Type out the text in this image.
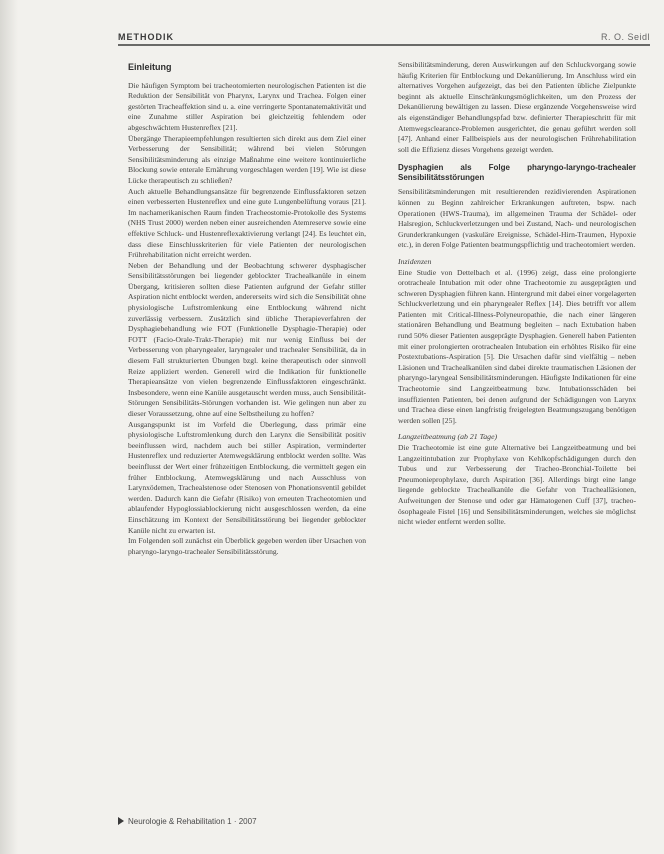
METHODIK	R. O. Seidl
Einleitung

Die häufigen Symptom bei tracheotomierten neurologischen Patienten ist die Reduktion der Sensibilität von Pharynx, Larynx und Trachea. Folgen einer gestörten Tracheaffektion sind u. a. eine verringerte Spontanatemaktivität und eine Zunahme stiller Aspiration bei gleichzeitig fehlendem oder abgeschwächtem Hustenreflex [21].

Übergänge Therapieempfehlungen resultierten sich direkt aus dem Ziel einer Verbesserung der Sensibilität; während bei vielen Störungen Sensibilitätsminderung als einzige Maßnahme eine weitere kontinuierliche Blockung sowie enterale Ernährung vorgeschlagen werden [19]. Wie ist diese Lücke therapeutisch zu schließen?

Auch aktuelle Behandlungsansätze für begrenzende Einflussfaktoren setzen einen verbesserten Hustenreflex und eine gute Lungenbelüftung voraus [21]. Im nachamerikanischen Raum finden Tracheostomie-Protokolle des Systems (NHS Trust 2000) werden neben einer ausreichenden Atemreserve sowie eine effektive Schluck- und Hustenreflexaktivierung verlangt [24]. Es leuchtet ein, dass diese Einschlusskriterien für viele Patienten der neurologischen Frührehabilitation nicht erreicht werden.

Neben der Behandlung und der Beobachtung schwerer dysphagischer Sensibilitätsstörungen bei liegender geblockter Trachealkanüle in einem Übergang, kritisieren sollten diese Patienten aufgrund der Gefahr stiller Aspiration nicht entblockt werden, andererseits wird sich die Sensibilität ohne physiologische Luftstromlenkung eine Entblockung während nicht zuverlässig verbessern. Zusätzlich sind übliche Therapieverfahren der Dysphagiebehandlung wie FOT (Funktionelle Dysphagie-Therapie) oder FOTT (Facio-Orale-Trakt-Therapie) mit nur wenig Einfluss bei der Verbesserung von pharyngealer, laryngealer und trachealer Sensibilität, da in diesem Fall strukturierten Übungen bzgl. keine therapeutisch oder sinnvoll Reize appliziert werden. Generell wird die Indikation für funktionelle Therapieansätze von vielen begrenzende Einflussfaktoren eingeschränkt. Insbesondere, wenn eine Kanüle ausgetauscht werden muss, auch Sensibilität-Störungen Sensibilitäts-Störungen vorhanden ist. Wie gelingen nun aber zu dieser Voraussetzung, ohne auf eine Selbstheilung zu hoffen?

Ausgangspunkt ist im Vorfeld die Überlegung, dass primär eine physiologische Luftstromlenkung durch den Larynx die Sensibilität positiv beeinflussen wird, nachdem auch bei stiller Aspiration, verminderter Hustenreflex und reduzierter Atemwegsklärung entblockt werden sollte. Was beeinflusst der Wert einer frühzeitigen Entblockung, die vermittelt gegen ein früher Entblockung, Atemwegsklärung und nach Ausschluss von Larynxödemen, Trachealstenose oder Stenosen von Phonationsventil gebildet werden. Dadurch kann die Gefahr (Risiko) von erneuten Tracheotomien und ablaufender Hypoglossiablockierung nicht ausgeschlossen werden, da eine Einschätzung im Kontext der Sensibilitätsstörung bei liegender geblockter Kanüle nicht zu erwarten ist.

Im Folgenden soll zunächst ein Überblick gegeben werden über Ursachen von pharyngo-laryngo-trachealer Sensibilitätsstörung.

Sensibilitätsminderung, deren Auswirkungen auf den Schluckvorgang sowie häufig Kriterien für Entblockung und Dekanülierung. Im Anschluss wird ein alternatives Vorgehen aufgezeigt, das bei den Patienten übliche Zielpunkte beginnt als aktuelle Einschränkungsmöglichkeiten, um den Prozess der Dekanülierung bewältigen zu lassen. Diese ergänzende Vorgehensweise wird als eigenständiger Behandlungspfad bzw. definierter Therapieschritt für mit Atemwegsclearance-Problemen ausgerichtet, die genau geführt werden soll [47]. Anhand einer Fallbeispiels aus der neurologischen Frührehabilitation soll die Effizienz dieses Vorgehens gezeigt werden.

Dysphagien als Folge pharyngo-laryngo-trachealer Sensibilitätsstörungen

Sensibilitätsminderungen mit resultierenden rezidivierenden Aspirationen können zu Beginn zahlreicher Erkrankungen auftreten, bspw. nach Operationen (HWS-Trauma), im allgemeinen Trauma der Schädel- oder Halsregion, Schluckverletzungen und bei Zustand, Nach- und neurologischen Grunderkrankungen (vaskuläre Ereignisse, Schädel-Hirn-Traumen, Hypoxie etc.), in deren Folge Patienten beatmungspflichtig und tracheotomiert werden.

Inzidenzen

Eine Studie von Dettelbach et al. (1996) zeigt, dass eine prolongierte orotracheale Intubation mit oder ohne Tracheotomie zu ausgeprägten und schweren Dysphagien führen kann. Hintergrund mit dabei einer vorgelagerten Schluckverletzung und ein pharyngealer Reflex [14]. Dies betrifft vor allem Patienten mit Critical-Illness-Polyneuropathie, die nach einer längeren stationären Behandlung und Beatmung begleiten – nach Extubation haben rund 50% dieser Patienten ausgeprägte Dysphagien. Generell haben Patienten mit einer prolongierten orotrachealen Intubation ein erhöhtes Risiko für eine Postextubations-Aspiration [5]. Die Ursachen dafür sind vielfältig – neben Läsionen und Trachealkanülen sind dabei direkte traumatischen Läsionen der pharyngo-laryngeal Sensibilitätsminderungen. Häufigste Indikationen für eine Tracheotomie sind Langzeitbeatmung bzw. Intubationsschäden bei insuffizienten Patienten, bei denen aufgrund der Schädigungen von Larynx und Trachea diese einen langfristig freigelegten Beatmungszugang benötigen werden sollen [25].

Langzeitbeatmung (ab 21 Tage)

Die Tracheotomie ist eine gute Alternative bei Langzeitbeatmung und bei Langzeitintubation zur Prophylaxe von Kehlkopfschädigungen durch den Tubus und zur Verbesserung der Tracheo-Bronchial-Toilette bei Pneumonieprophylaxe, durch Aspiration [36]. Allerdings birgt eine lange liegende geblockte Trachealkanüle die Gefahr von Trachealläsionen, Aufweitungen der Stenose und oder gar Hämatogenen Cuff [37], tracheo-ösophageale Fistel [16] und Sensibilitätsminderungen, welches sie möglichst nicht wieder entfernt werden sollte.

Neurologie & Rehabilitation 1 · 2007
